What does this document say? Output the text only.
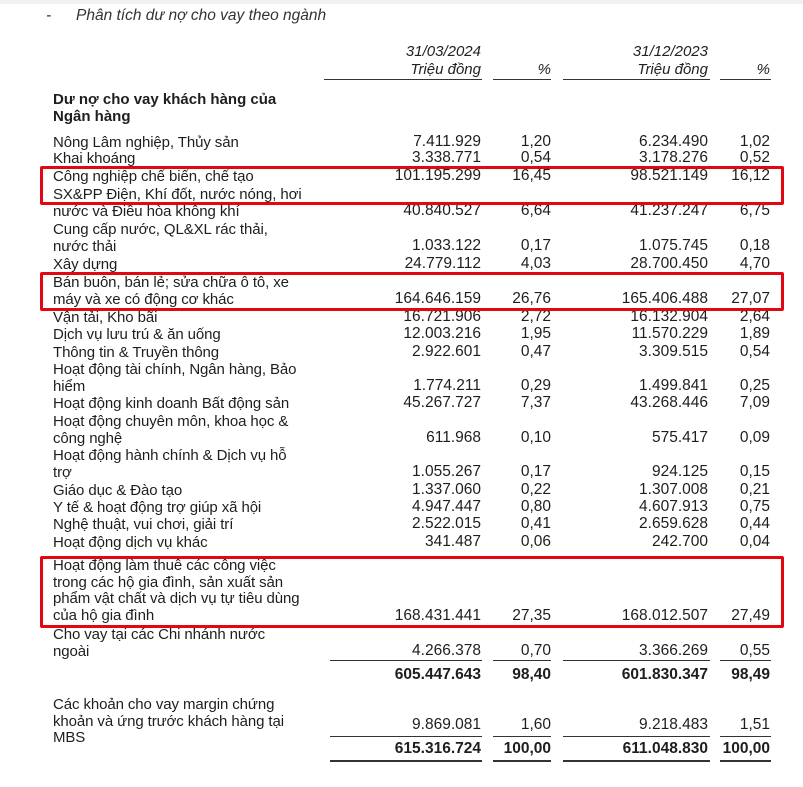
- Phân tích dư nợ cho vay theo ngành
31/03/2024
Triệu đồng	%
31/12/2023
Triệu đồng	%
Dư nợ cho vay khách hàng của
Ngân hàng
Nông Lâm nghiệp, Thủy sản	7.411.929	1,20	6.234.490 1,02
Khai khoáng	3.338.771	0,54	3.178.276 0,52
Công nghiệp chế biến, chế tạo	101.195.299 16,45	98.521.149 16,12
SX&PP Điện, Khí đốt, nước nóng, hơi
nước và Điều hòa không khí	40.840.527	6,64	41.237.247 6,75
Cung cấp nước, QL&XL rác thải,
nước thải	1.033.122	0,17	1.075.745 0,18
Xây dựng	24.779.112	4,03	28.700.450 4,70
Bán buôn, bán lẻ; sửa chữa ô tô, xe
máy và xe có động cơ khác	164.646.159 26,76	165.406.488 27,07
Vận tải, Kho bãi	16.721.906	2,72	16.132.904 2,64
Dịch vụ lưu trú & ăn uống	12.003.216	1,95	11.570.229 1,89
Thông tin & Truyền thông	2.922.601	0,47	3.309.515 0,54
Hoạt động tài chính, Ngân hàng, Bảo
hiểm	1.774.211	0,29	1.499.841 0,25
Hoạt động kinh doanh Bất động sản	45.267.727	7,37	43.268.446 7,09
Hoạt động chuyên môn, khoa học &
công nghệ	611.968	0,10	575.417 0,09
Hoạt động hành chính & Dịch vụ hỗ
trợ	1.055.267	0,17	924.125 0,15
Giáo dục & Đào tạo	1.337.060	0,22	1.307.008 0,21
Y tế & hoạt động trợ giúp xã hội	4.947.447	0,80	4.607.913 0,75
Nghệ thuật, vui chơi, giải trí	2.522.015	0,41	2.659.628 0,44
Hoạt động dịch vụ khác	341.487	0,06	242.700 0,04
Hoạt động làm thuê các công việc
trong các hộ gia đình, sản xuất sản
phẩm vật chất và dịch vụ tự tiêu dùng
của hộ gia đình	168.431.441 27,35	168.012.507 27,49
Cho vay tại các Chi nhánh nước
ngoài	4.266.378	0,70	3.366.269 0,55
605.447.643 98,40	601.830.347 98,49
Các khoản cho vay margin chứng
khoản và ứng trước khách hàng tại
MBS
9.869.081	1,60	9.218.483 1,51
615.316.724 100,00	611.048.830 100,00
